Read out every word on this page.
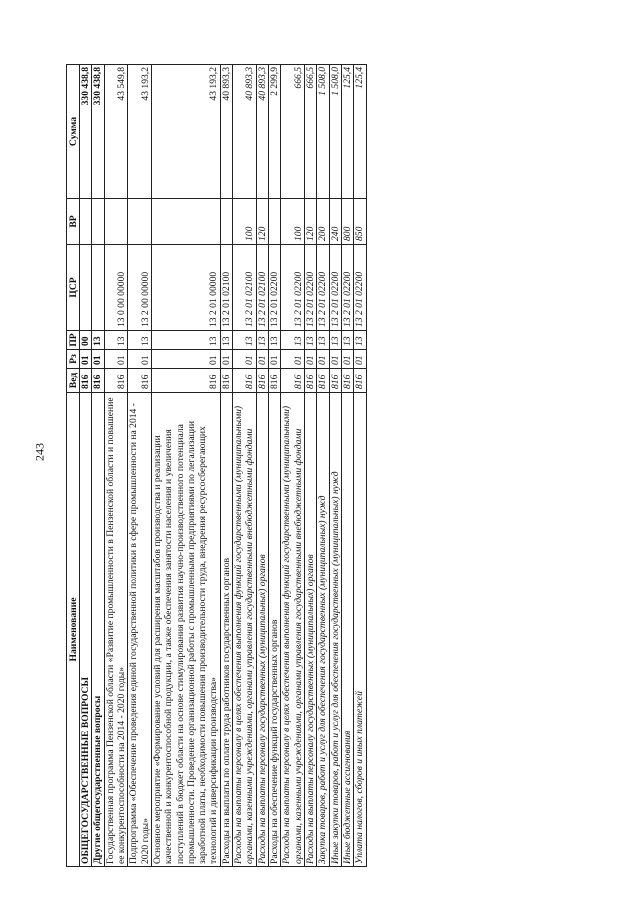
243
Наименование	Вед	Рз	ПР	ЦСР	ВР	Сумма
ОБЩЕГОСУДАРСТВЕННЫЕ ВОПРОСЫ	816	01	00			330 438,8
Другие общегосударственные вопросы	816	01	13			330 438,8
Государственная программа Пензенской области «Развитие промышленности в Пензенской области и повышение ее конкурентоспособности на 2014 - 2020 годы»	816	01	13	13 0 00 00000		43 549,8
Подпрограмма «Обеспечение проведения единой государственной политики в сфере промышленности на 2014 - 2020 годы»	816	01	13	13 2 00 00000		43 193,2
Основное мероприятие «Формирование условий для расширения масштабов производства и реализации качественной и конкурентоспособной продукции, а также обеспечения занятости населения и увеличения поступлений в бюджет области на основе стимулирования развития научно-производственного потенциала промышленности. Проведение организационной работы с промышленными предприятиями по легализации заработной платы, необходимости повышения производительности труда, внедрения ресурсосберегающих технологий и диверсификации производства»	816	01	13	13 2 01 00000		43 193,2
Расходы на выплаты по оплате труда работников государственных органов	816	01	13	13 2 01 02100		40 893,3
Расходы на выплаты персоналу в целях обеспечения выполнения функций государственными (муниципальными) органами, казенными учреждениями, органами управления государственными внебюджетными фондами	816	01	13	13 2 01 02100	100	40 893,3
Расходы на выплаты персоналу государственных (муниципальных) органов	816	01	13	13 2 01 02100	120	40 893,3
Расходы на обеспечение функций государственных органов	816	01	13	13 2 01 02200		2 299,9
Расходы на выплаты персоналу в целях обеспечения выполнения функций государственными (муниципальными) органами, казенными учреждениями, органами управления государственными внебюджетными фондами	816	01	13	13 2 01 02200	100	666,5
Расходы на выплаты персоналу государственных (муниципальных) органов	816	01	13	13 2 01 02200	120	666,5
Закупка товаров, работ и услуг для обеспечения государственных (муниципальных) нужд	816	01	13	13 2 01 02200	200	1 508,0
Иные закупки товаров, работ и услуг для обеспечения государственных (муниципальных) нужд	816	01	13	13 2 01 02200	240	1 508,0
Иные бюджетные ассигнования	816	01	13	13 2 01 02200	800	125,4
Уплата налогов, сборов и иных платежей	816	01	13	13 2 01 02200	850	125,4
